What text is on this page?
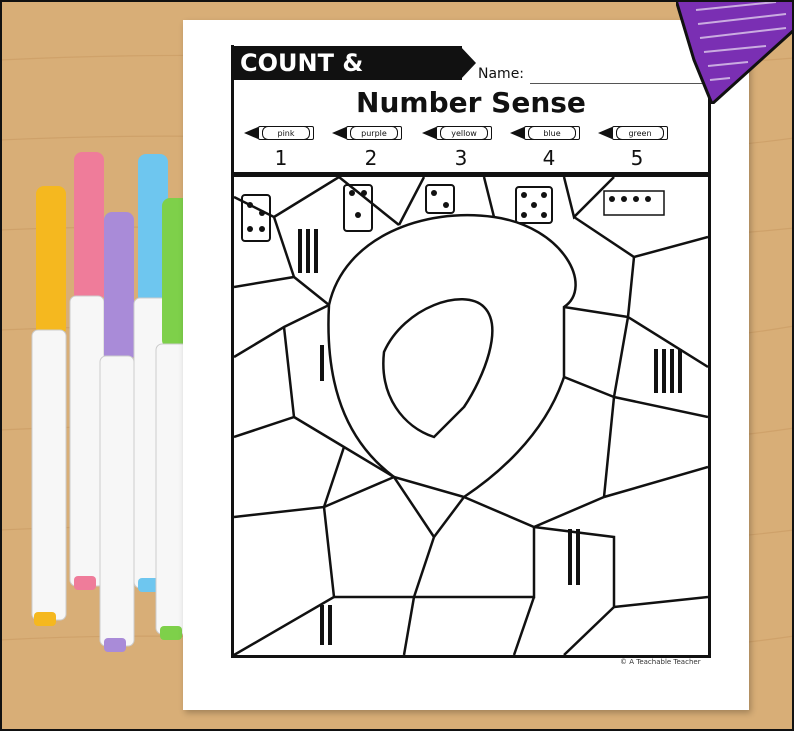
COUNT & COLOR
Name:
Number Sense
pink	purple	yellow	blue	green
1	2	3	4	5
© A Teachable Teacher
